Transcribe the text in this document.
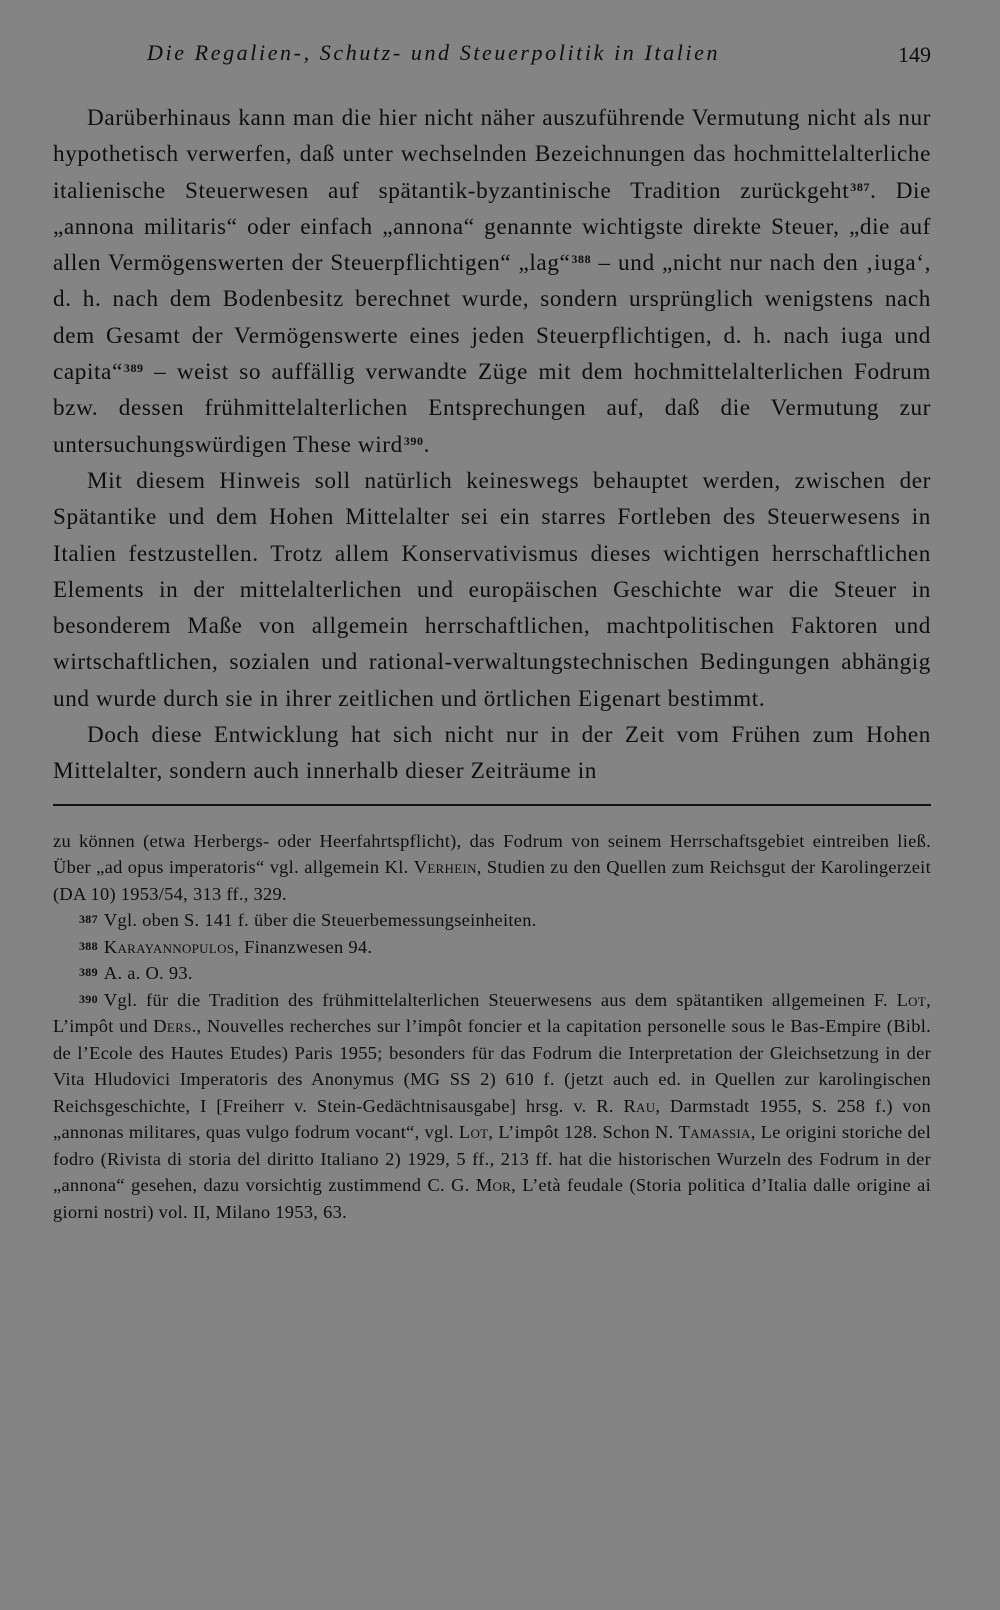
Die Regalien-, Schutz- und Steuerpolitik in Italien	149

Darüberhinaus kann man die hier nicht näher auszuführende Vermutung nicht als nur hypothetisch verwerfen, daß unter wechselnden Bezeichnungen das hochmittelalterliche italienische Steuerwesen auf spätantik-byzantinische Tradition zurückgeht$^{387}$. Die „annona militaris“ oder einfach „annona“ genannte wichtigste direkte Steuer, „die auf allen Vermögenswerten der Steuerpflichtigen“ „lag“$^{388}$ – und „nicht nur nach den ‚iuga‘, d. h. nach dem Bodenbesitz berechnet wurde, sondern ursprünglich wenigstens nach dem Gesamt der Vermögenswerte eines jeden Steuerpflichtigen, d. h. nach iuga und capita“$^{389}$ – weist so auffällig verwandte Züge mit dem hochmittelalterlichen Fodrum bzw. dessen frühmittelalterlichen Entsprechungen auf, daß die Vermutung zur untersuchungswürdigen These wird$^{390}$.

Mit diesem Hinweis soll natürlich keineswegs behauptet werden, zwischen der Spätantike und dem Hohen Mittelalter sei ein starres Fortleben des Steuerwesens in Italien festzustellen. Trotz allem Konservativismus dieses wichtigen herrschaftlichen Elements in der mittelalterlichen und europäischen Geschichte war die Steuer in besonderem Maße von allgemein herrschaftlichen, machtpolitischen Faktoren und wirtschaftlichen, sozialen und rational-verwaltungstechnischen Bedingungen abhängig und wurde durch sie in ihrer zeitlichen und örtlichen Eigenart bestimmt.

Doch diese Entwicklung hat sich nicht nur in der Zeit vom Frühen zum Hohen Mittelalter, sondern auch innerhalb dieser Zeiträume in

zu können (etwa Herbergs- oder Heerfahrtspflicht), das Fodrum von seinem Herrschaftsgebiet eintreiben ließ. Über „ad opus imperatoris“ vgl. allgemein Kl. Verhein, Studien zu den Quellen zum Reichsgut der Karolingerzeit (DA 10) 1953/54, 313 ff., 329.

$^{387}$ Vgl. oben S. 141 f. über die Steuerbemessungseinheiten.

$^{388}$ Karayannopulos, Finanzwesen 94.

$^{389}$ A. a. O. 93.

$^{390}$ Vgl. für die Tradition des frühmittelalterlichen Steuerwesens aus dem spätantiken allgemeinen F. Lot, L’impôt und Ders., Nouvelles recherches sur l’impôt foncier et la capitation personelle sous le Bas-Empire (Bibl. de l’Ecole des Hautes Etudes) Paris 1955; besonders für das Fodrum die Interpretation der Gleichsetzung in der Vita Hludovici Imperatoris des Anonymus (MG SS 2) 610 f. (jetzt auch ed. in Quellen zur karolingischen Reichsgeschichte, I [Freiherr v. Stein-Gedächtnisausgabe] hrsg. v. R. Rau, Darmstadt 1955, S. 258 f.) von „annonas militares, quas vulgo fodrum vocant“, vgl. Lot, L’impôt 128. Schon N. Tamassia, Le origini storiche del fodro (Rivista di storia del diritto Italiano 2) 1929, 5 ff., 213 ff. hat die historischen Wurzeln des Fodrum in der „annona“ gesehen, dazu vorsichtig zustimmend C. G. Mor, L’età feudale (Storia politica d’Italia dalle origine ai giorni nostri) vol. II, Milano 1953, 63.
